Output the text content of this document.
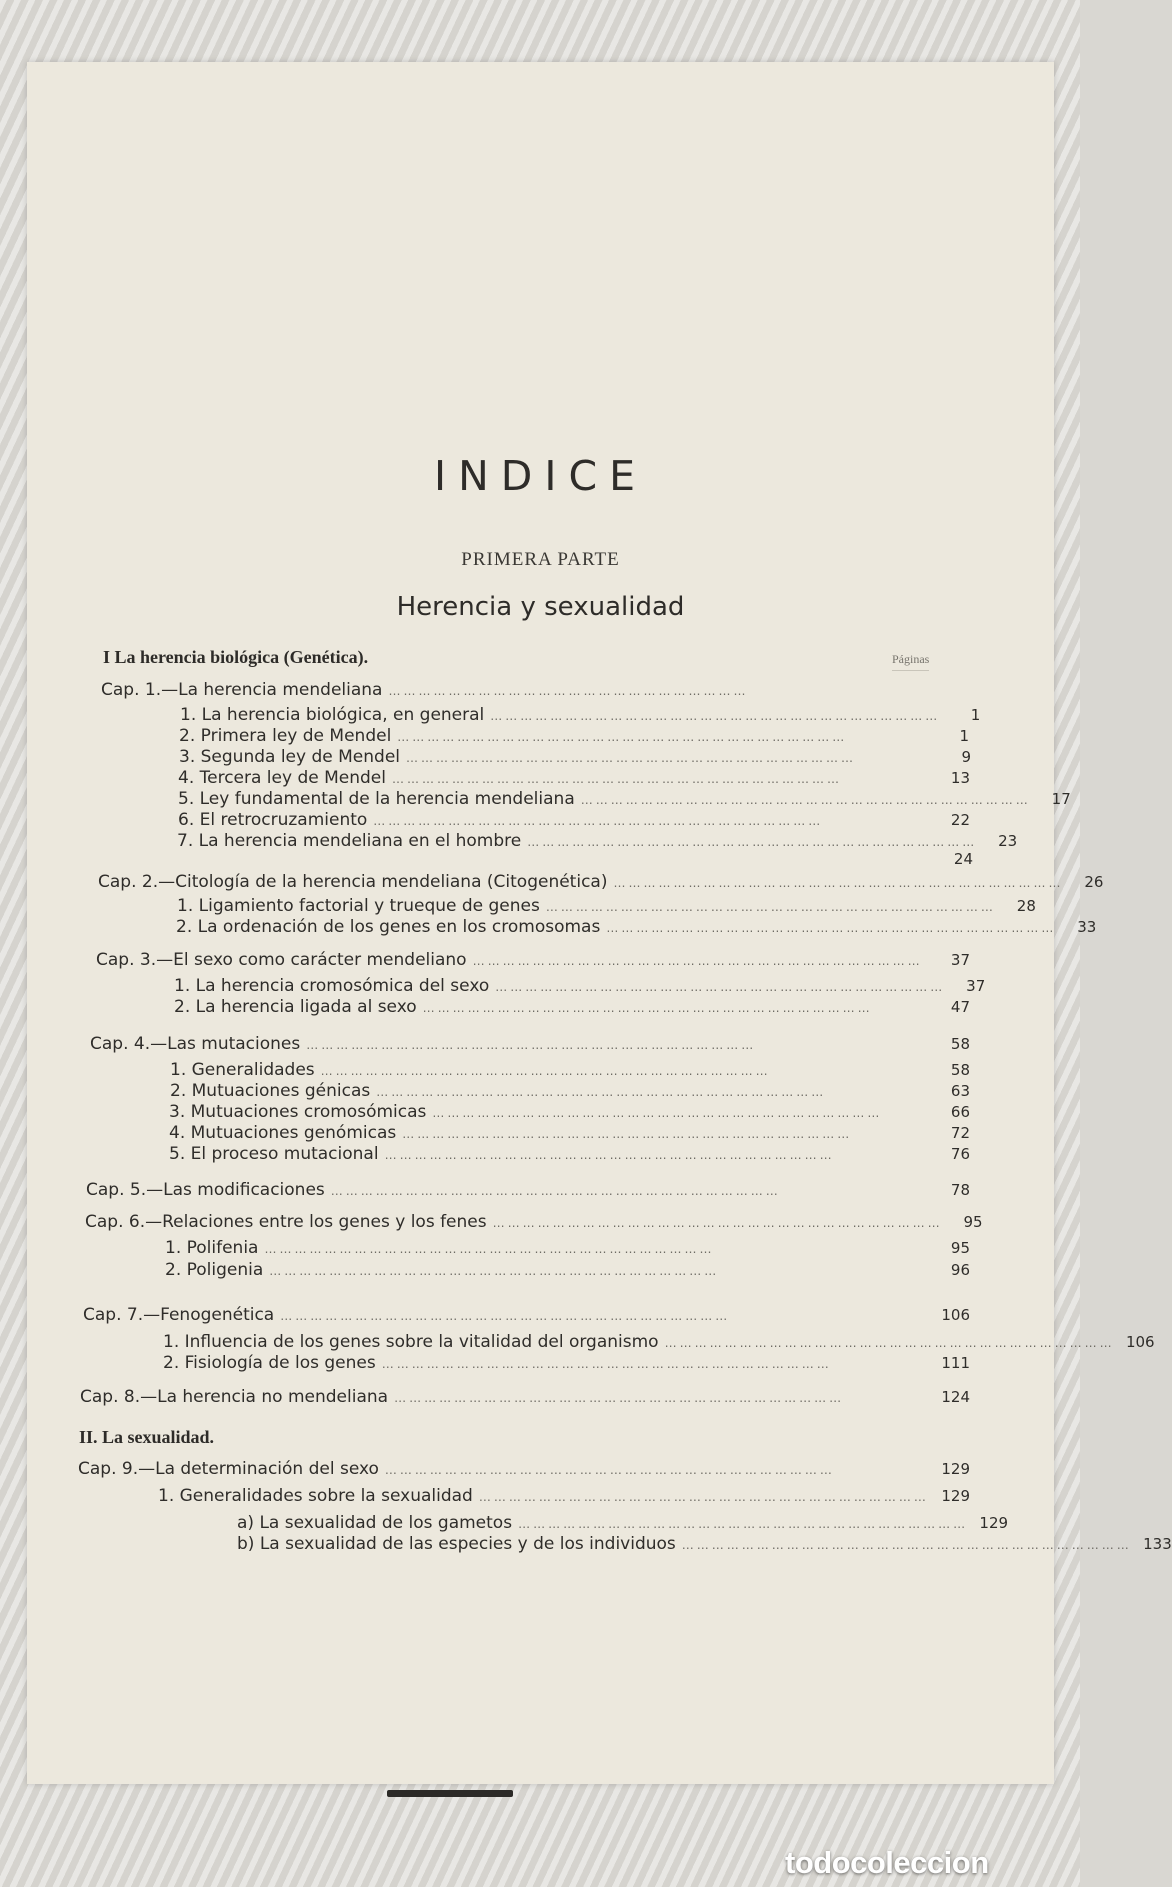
INDICE
PRIMERA PARTE
Herencia y sexualidad
I La herencia biológica (Genética).	Páginas
Cap. 1.—La herencia mendeliana ………………………………………………………………
1. La herencia biológica, en general ………………………………………………………………………………	1
2. Primera ley de Mendel ………………………………………………………………………………	1
3. Segunda ley de Mendel ………………………………………………………………………………	9
4. Tercera ley de Mendel ………………………………………………………………………………	13
5. Ley fundamental de la herencia mendeliana ………………………………………………………………………………	17
6. El retrocruzamiento ………………………………………………………………………………	22
7. La herencia mendeliana en el hombre ………………………………………………………………………………	23
24
Cap. 2.—Citología de la herencia mendeliana (Citogenética) ………………………………………………………………………………	26
1. Ligamiento factorial y trueque de genes ………………………………………………………………………………	28
2. La ordenación de los genes en los cromosomas ………………………………………………………………………………	33
Cap. 3.—El sexo como carácter mendeliano ………………………………………………………………………………	37
1. La herencia cromosómica del sexo ………………………………………………………………………………	37
2. La herencia ligada al sexo ………………………………………………………………………………	47
Cap. 4.—Las mutaciones ………………………………………………………………………………	58
1. Generalidades ………………………………………………………………………………	58
2. Mutuaciones génicas ………………………………………………………………………………	63
3. Mutuaciones cromosómicas ………………………………………………………………………………	66
4. Mutuaciones genómicas ………………………………………………………………………………	72
5. El proceso mutacional ………………………………………………………………………………	76
Cap. 5.—Las modificaciones ………………………………………………………………………………	78
Cap. 6.—Relaciones entre los genes y los fenes ………………………………………………………………………………	95
1. Polifenia ………………………………………………………………………………	95
2. Poligenia ………………………………………………………………………………	96
Cap. 7.—Fenogenética ………………………………………………………………………………	106
1. Influencia de los genes sobre la vitalidad del organismo ……………………………………………………………………………… 106
2. Fisiología de los genes ………………………………………………………………………………	111
Cap. 8.—La herencia no mendeliana ………………………………………………………………………………	124
II. La sexualidad.
Cap. 9.—La determinación del sexo ………………………………………………………………………………	129
1. Generalidades sobre la sexualidad ……………………………………………………………………………… 129
a) La sexualidad de los gametos ……………………………………………………………………………… 129
b) La sexualidad de las especies y de los individuos ……………………………………………………………………………… 133
todocoleccion
